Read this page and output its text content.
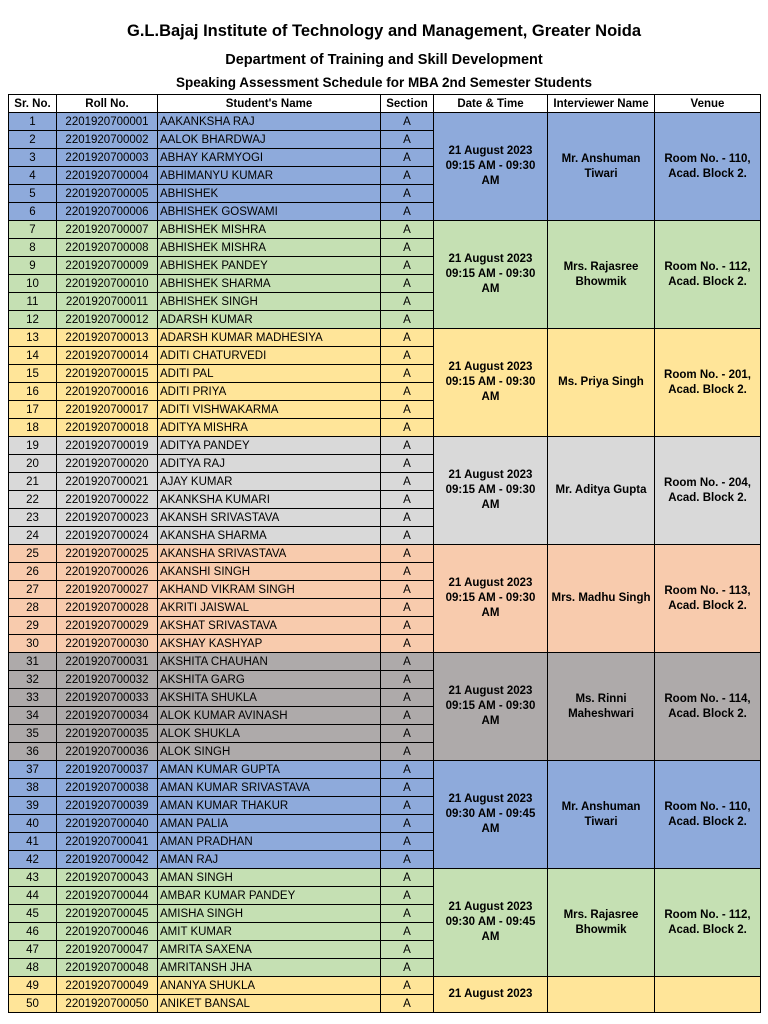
G.L.Bajaj Institute of Technology and Management, Greater Noida
Department of Training and Skill Development
Speaking Assessment Schedule for MBA 2nd Semester Students
Sr. No.	Roll No.	Student's Name	Section	Date & Time	Interviewer Name	Venue
1	2201920700001	AAKANKSHA RAJ	A	21 August 2023 09:15 AM - 09:30 AM	Mr. Anshuman Tiwari	Room No. - 110, Acad. Block 2.
2	2201920700002	AALOK BHARDWAJ	A			
3	2201920700003	ABHAY KARMYOGI	A			
4	2201920700004	ABHIMANYU KUMAR	A			
5	2201920700005	ABHISHEK	A			
6	2201920700006	ABHISHEK GOSWAMI	A			
7	2201920700007	ABHISHEK MISHRA	A	21 August 2023 09:15 AM - 09:30 AM	Mrs. Rajasree Bhowmik	Room No. - 112, Acad. Block 2.
8	2201920700008	ABHISHEK MISHRA	A			
9	2201920700009	ABHISHEK PANDEY	A			
10	2201920700010	ABHISHEK SHARMA	A			
11	2201920700011	ABHISHEK SINGH	A			
12	2201920700012	ADARSH KUMAR	A			
13	2201920700013	ADARSH KUMAR MADHESIYA	A	21 August 2023 09:15 AM - 09:30 AM	Ms. Priya Singh	Room No. - 201, Acad. Block 2.
14	2201920700014	ADITI CHATURVEDI	A			
15	2201920700015	ADITI PAL	A			
16	2201920700016	ADITI PRIYA	A			
17	2201920700017	ADITI VISHWAKARMA	A			
18	2201920700018	ADITYA MISHRA	A			
19	2201920700019	ADITYA PANDEY	A	21 August 2023 09:15 AM - 09:30 AM	Mr. Aditya Gupta	Room No. - 204, Acad. Block 2.
20	2201920700020	ADITYA RAJ	A			
21	2201920700021	AJAY KUMAR	A			
22	2201920700022	AKANKSHA KUMARI	A			
23	2201920700023	AKANSH SRIVASTAVA	A			
24	2201920700024	AKANSHA SHARMA	A			
25	2201920700025	AKANSHA SRIVASTAVA	A	21 August 2023 09:15 AM - 09:30 AM	Mrs. Madhu Singh	Room No. - 113, Acad. Block 2.
26	2201920700026	AKANSHI SINGH	A			
27	2201920700027	AKHAND VIKRAM SINGH	A			
28	2201920700028	AKRITI JAISWAL	A			
29	2201920700029	AKSHAT SRIVASTAVA	A			
30	2201920700030	AKSHAY KASHYAP	A			
31	2201920700031	AKSHITA CHAUHAN	A	21 August 2023 09:15 AM - 09:30 AM	Ms. Rinni Maheshwari	Room No. - 114, Acad. Block 2.
32	2201920700032	AKSHITA GARG	A			
33	2201920700033	AKSHITA SHUKLA	A			
34	2201920700034	ALOK KUMAR AVINASH	A			
35	2201920700035	ALOK SHUKLA	A			
36	2201920700036	ALOK SINGH	A			
37	2201920700037	AMAN KUMAR GUPTA	A	21 August 2023 09:30 AM - 09:45 AM	Mr. Anshuman Tiwari	Room No. - 110, Acad. Block 2.
38	2201920700038	AMAN KUMAR SRIVASTAVA	A			
39	2201920700039	AMAN KUMAR THAKUR	A			
40	2201920700040	AMAN PALIA	A			
41	2201920700041	AMAN PRADHAN	A			
42	2201920700042	AMAN RAJ	A			
43	2201920700043	AMAN SINGH	A	21 August 2023 09:30 AM - 09:45 AM	Mrs. Rajasree Bhowmik	Room No. - 112, Acad. Block 2.
44	2201920700044	AMBAR KUMAR PANDEY	A			
45	2201920700045	AMISHA SINGH	A			
46	2201920700046	AMIT KUMAR	A			
47	2201920700047	AMRITA SAXENA	A			
48	2201920700048	AMRITANSH JHA	A			
49	2201920700049	ANANYA SHUKLA	A	21 August 2023		
50	2201920700050	ANIKET BANSAL	A			
